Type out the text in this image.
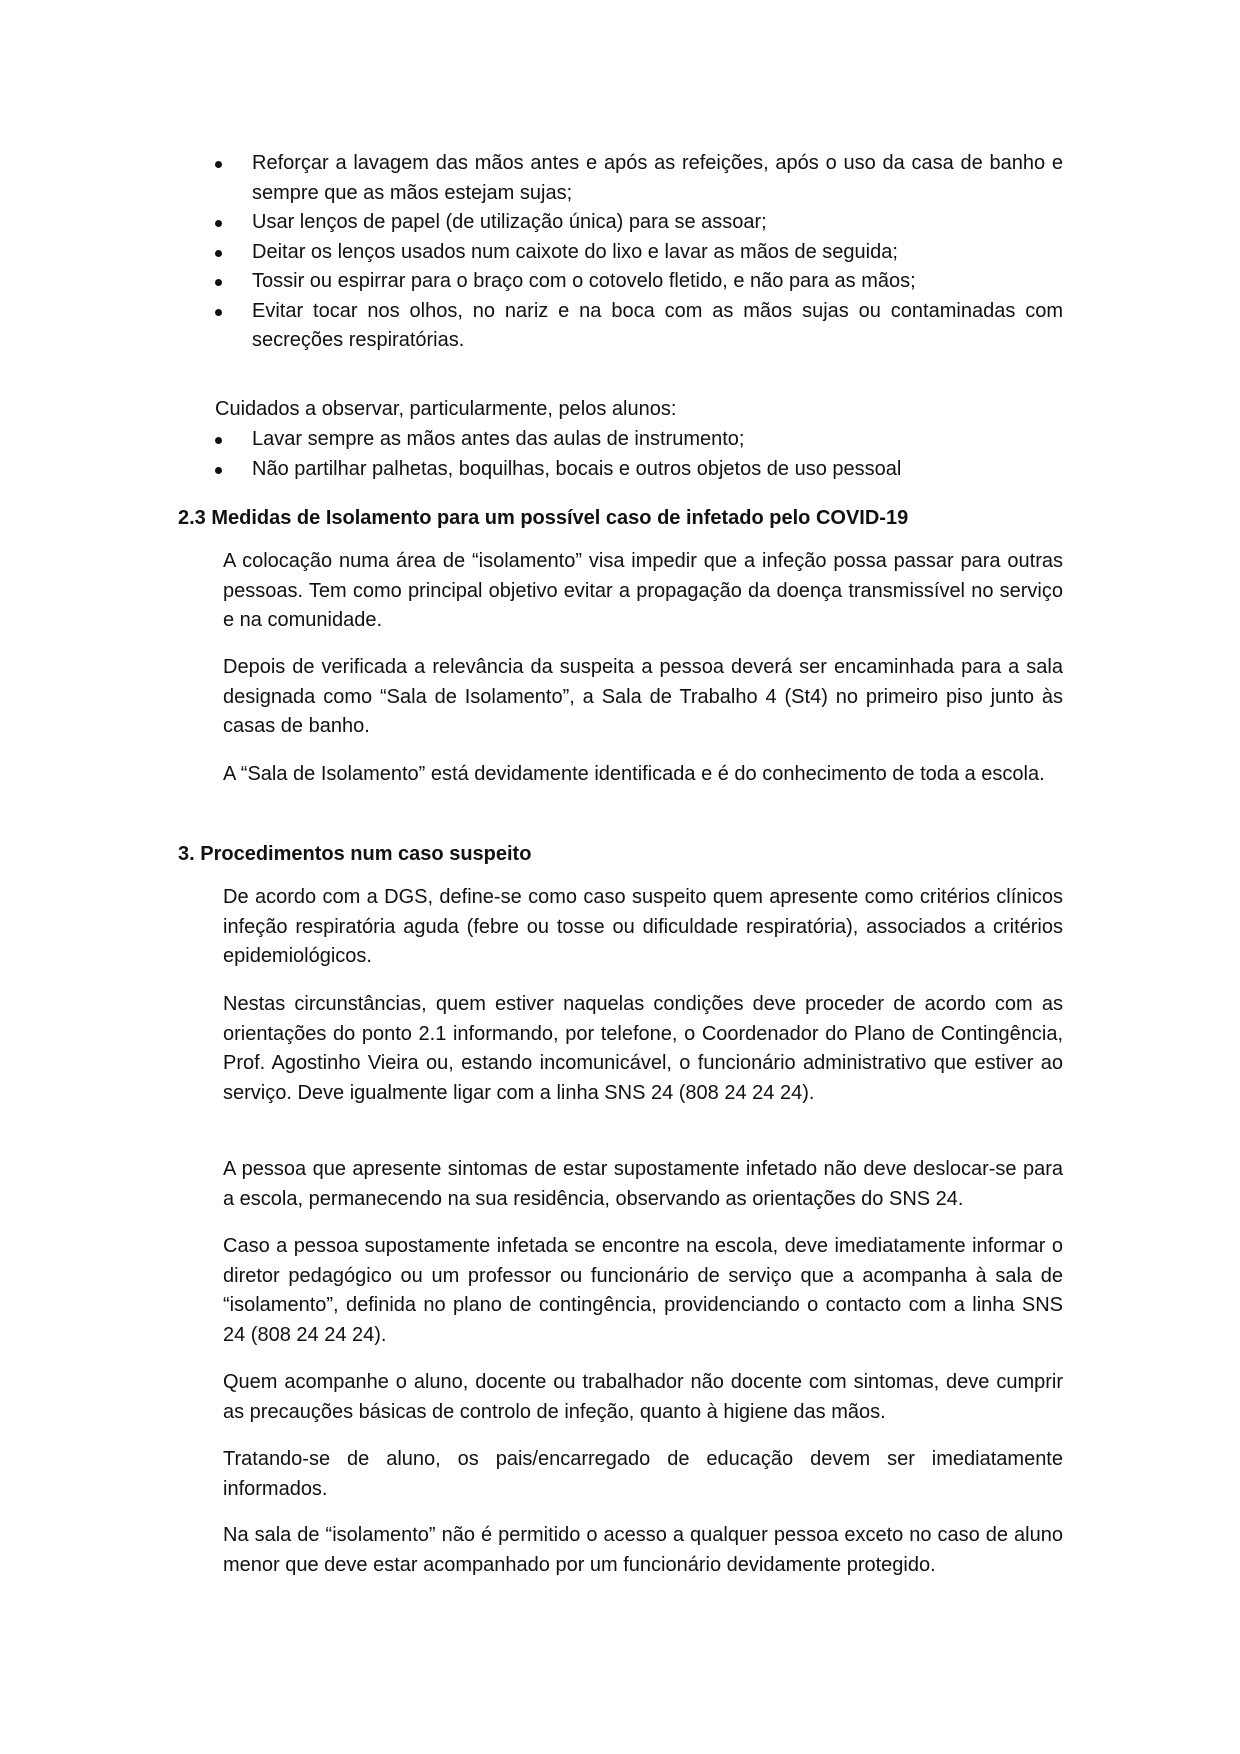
Reforçar a lavagem das mãos antes e após as refeições, após o uso da casa de banho e sempre que as mãos estejam sujas;
Usar lenços de papel (de utilização única) para se assoar;
Deitar os lenços usados num caixote do lixo e lavar as mãos de seguida;
Tossir ou espirrar para o braço com o cotovelo fletido, e não para as mãos;
Evitar tocar nos olhos, no nariz e na boca com as mãos sujas ou contaminadas com secreções respiratórias.
Cuidados a observar, particularmente, pelos alunos:
Lavar sempre as mãos antes das aulas de instrumento;
Não partilhar palhetas, boquilhas, bocais e outros objetos de uso pessoal
2.3 Medidas de Isolamento para um possível caso de infetado pelo COVID-19
A colocação numa área de “isolamento” visa impedir que a infeção possa passar para outras pessoas. Tem como principal objetivo evitar a propagação da doença transmissível no serviço e na comunidade.
Depois de verificada a relevância da suspeita a pessoa deverá ser encaminhada para a sala designada como “Sala de Isolamento”, a Sala de Trabalho 4 (St4) no primeiro piso junto às casas de banho.
A “Sala de Isolamento” está devidamente identificada e é do conhecimento de toda a escola.
3. Procedimentos num caso suspeito
De acordo com a DGS, define-se como caso suspeito quem apresente como critérios clínicos infeção respiratória aguda (febre ou tosse ou dificuldade respiratória), associados a critérios epidemiológicos.
Nestas circunstâncias, quem estiver naquelas condições deve proceder de acordo com as orientações do ponto 2.1 informando, por telefone, o Coordenador do Plano de Contingência, Prof. Agostinho Vieira ou, estando incomunicável, o funcionário administrativo que estiver ao serviço. Deve igualmente ligar com a linha SNS 24 (808 24 24 24).
A pessoa que apresente sintomas de estar supostamente infetado não deve deslocar-se para a escola, permanecendo na sua residência, observando as orientações do SNS 24.
Caso a pessoa supostamente infetada se encontre na escola, deve imediatamente informar o diretor pedagógico ou um professor ou funcionário de serviço que a acompanha à sala de “isolamento”, definida no plano de contingência, providenciando o contacto com a linha SNS 24 (808 24 24 24).
Quem acompanhe o aluno, docente ou trabalhador não docente com sintomas, deve cumprir as precauções básicas de controlo de infeção, quanto à higiene das mãos.
Tratando-se de aluno, os pais/encarregado de educação devem ser imediatamente informados.
Na sala de “isolamento” não é permitido o acesso a qualquer pessoa exceto no caso de aluno menor que deve estar acompanhado por um funcionário devidamente protegido.
